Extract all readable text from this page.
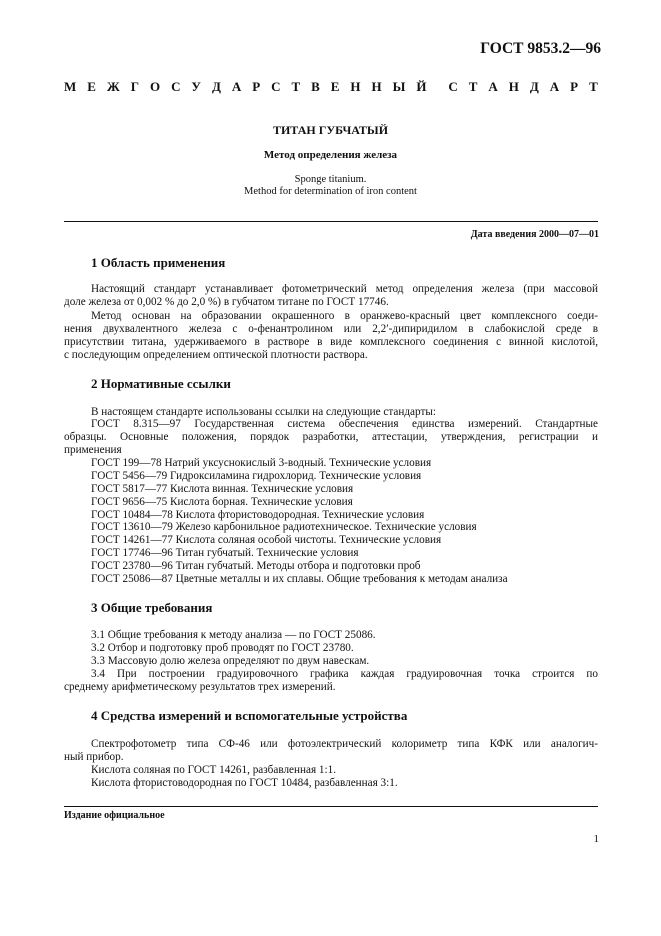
ГОСТ 9853.2—96
М Е Ж Г О С У Д А Р С Т В Е Н Н Ы Й С Т А Н Д А Р Т
ТИТАН ГУБЧАТЫЙ
Метод определения железа
Sponge titanium.
Method for determination of iron content
Дата введения 2000—07—01
1 Область применения
Настоящий стандарт устанавливает фотометрический метод определения железа (при массовой
доле железа от 0,002 % до 2,0 %) в губчатом титане по ГОСТ 17746.
Метод основан на образовании окрашенного в оранжево-красный цвет комплексного соеди-
нения двухвалентного железа с о-фенантролином или 2,2′-дипиридилом в слабокислой среде в
присутствии титана, удерживаемого в растворе в виде комплексного соединения с винной кислотой,
с последующим определением оптической плотности раствора.
2 Нормативные ссылки
В настоящем стандарте использованы ссылки на следующие стандарты:
ГОСТ 8.315—97 Государственная система обеспечения единства измерений. Стандартные
образцы. Основные положения, порядок разработки, аттестации, утверждения, регистрации и
применения
ГОСТ 199—78 Натрий уксуснокислый 3-водный. Технические условия
ГОСТ 5456—79 Гидроксиламина гидрохлорид. Технические условия
ГОСТ 5817—77 Кислота винная. Технические условия
ГОСТ 9656—75 Кислота борная. Технические условия
ГОСТ 10484—78 Кислота фтористоводородная. Технические условия
ГОСТ 13610—79 Железо карбонильное радиотехническое. Технические условия
ГОСТ 14261—77 Кислота соляная особой чистоты. Технические условия
ГОСТ 17746—96 Титан губчатый. Технические условия
ГОСТ 23780—96 Титан губчатый. Методы отбора и подготовки проб
ГОСТ 25086—87 Цветные металлы и их сплавы. Общие требования к методам анализа
3 Общие требования
3.1 Общие требования к методу анализа — по ГОСТ 25086.
3.2 Отбор и подготовку проб проводят по ГОСТ 23780.
3.3 Массовую долю железа определяют по двум навескам.
3.4 При построении градуировочного графика каждая градуировочная точка строится по
среднему арифметическому результатов трех измерений.
4 Средства измерений и вспомогательные устройства
Спектрофотометр типа СФ-46 или фотоэлектрический колориметр типа КФК или аналогич-
ный прибор.
Кислота соляная по ГОСТ 14261, разбавленная 1:1.
Кислота фтористоводородная по ГОСТ 10484, разбавленная 3:1.
Издание официальное
1
